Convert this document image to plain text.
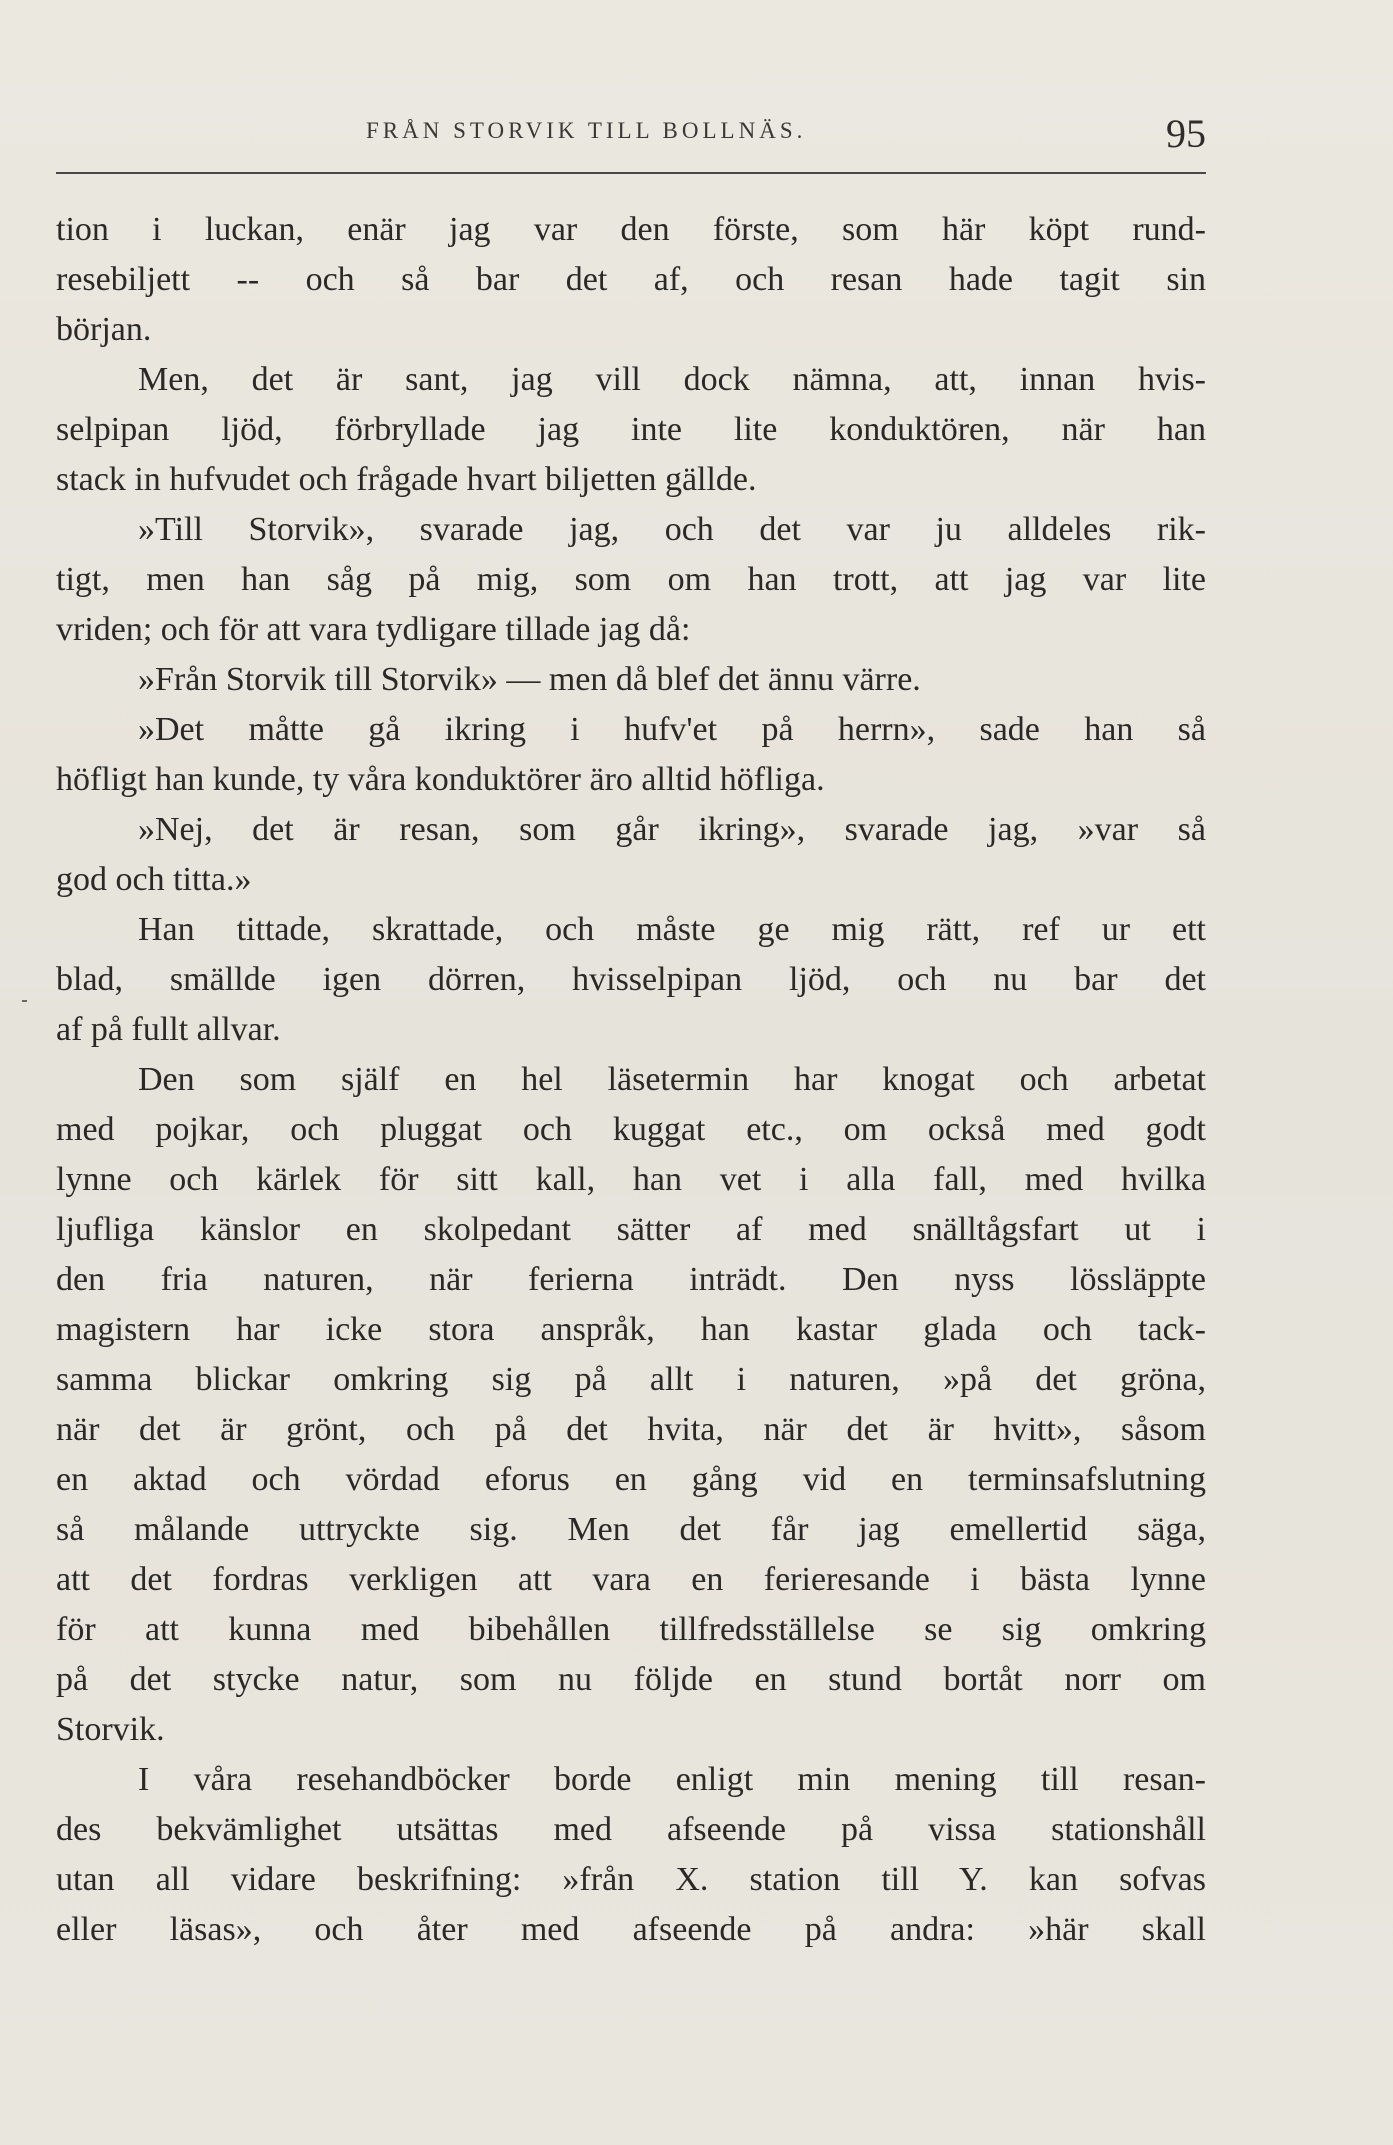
FRÅN STORVIK TILL BOLLNÄS.	95
tion i luckan, enär jag var den förste, som här köpt rund-
resebiljett -- och så bar det af, och resan hade tagit sin
början.
Men, det är sant, jag vill dock nämna, att, innan hvis-
selpipan ljöd, förbryllade jag inte lite konduktören, när han
stack in hufvudet och frågade hvart biljetten gällde.
»Till Storvik», svarade jag, och det var ju alldeles rik-
tigt, men han såg på mig, som om han trott, att jag var lite
vriden; och för att vara tydligare tillade jag då:
»Från Storvik till Storvik» — men då blef det ännu värre.
»Det måtte gå ikring i hufv'et på herrn», sade han så
höfligt han kunde, ty våra konduktörer äro alltid höfliga.
»Nej, det är resan, som går ikring», svarade jag, »var så
god och titta.»
Han tittade, skrattade, och måste ge mig rätt, ref ur ett
blad, smällde igen dörren, hvisselpipan ljöd, och nu bar det
af på fullt allvar.
Den som själf en hel läsetermin har knogat och arbetat
med pojkar, och pluggat och kuggat etc., om också med godt
lynne och kärlek för sitt kall, han vet i alla fall, med hvilka
ljufliga känslor en skolpedant sätter af med snälltågsfart ut i
den fria naturen, när ferierna inträdt. Den nyss lössläppte
magistern har icke stora anspråk, han kastar glada och tack-
samma blickar omkring sig på allt i naturen, »på det gröna,
när det är grönt, och på det hvita, när det är hvitt», såsom
en aktad och vördad eforus en gång vid en terminsafslutning
så målande uttryckte sig. Men det får jag emellertid säga,
att det fordras verkligen att vara en ferieresande i bästa lynne
för att kunna med bibehållen tillfredsställelse se sig omkring
på det stycke natur, som nu följde en stund bortåt norr om
Storvik.
I våra resehandböcker borde enligt min mening till resan-
des bekvämlighet utsättas med afseende på vissa stationshåll
utan all vidare beskrifning: »från X. station till Y. kan sofvas
eller läsas», och åter med afseende på andra: »här skall
